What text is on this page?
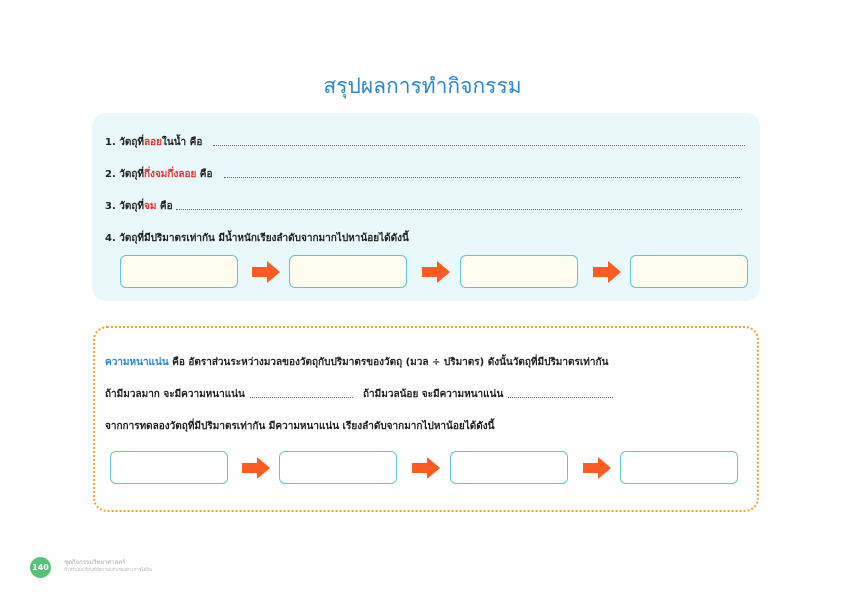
สรุปผลการทำกิจกรรม
1. วัตถุที่ลอยในน้ำ คือ
2. วัตถุที่กึ่งจมกึ่งลอย คือ
3. วัตถุที่จม คือ
4. วัตถุที่มีปริมาตรเท่ากัน มีน้ำหนักเรียงลำดับจากมากไปหาน้อยได้ดังนี้
ความหนาแน่น คือ อัตราส่วนระหว่างมวลของวัตถุกับปริมาตรของวัตถุ (มวล ÷ ปริมาตร) ดังนั้นวัตถุที่มีปริมาตรเท่ากัน
ถ้ามีมวลมาก จะมีความหนาแน่น	ถ้ามีมวลน้อย จะมีความหนาแน่น
จากการทดลองวัตถุที่มีปริมาตรเท่ากัน มีความหนาแน่น เรียงลำดับจากมากไปหาน้อยได้ดังนี้
140
ชุดกิจกรรมวิทยาศาสตร์
สำหรับนักเรียนที่มีความบกพร่องทางการได้ยิน
